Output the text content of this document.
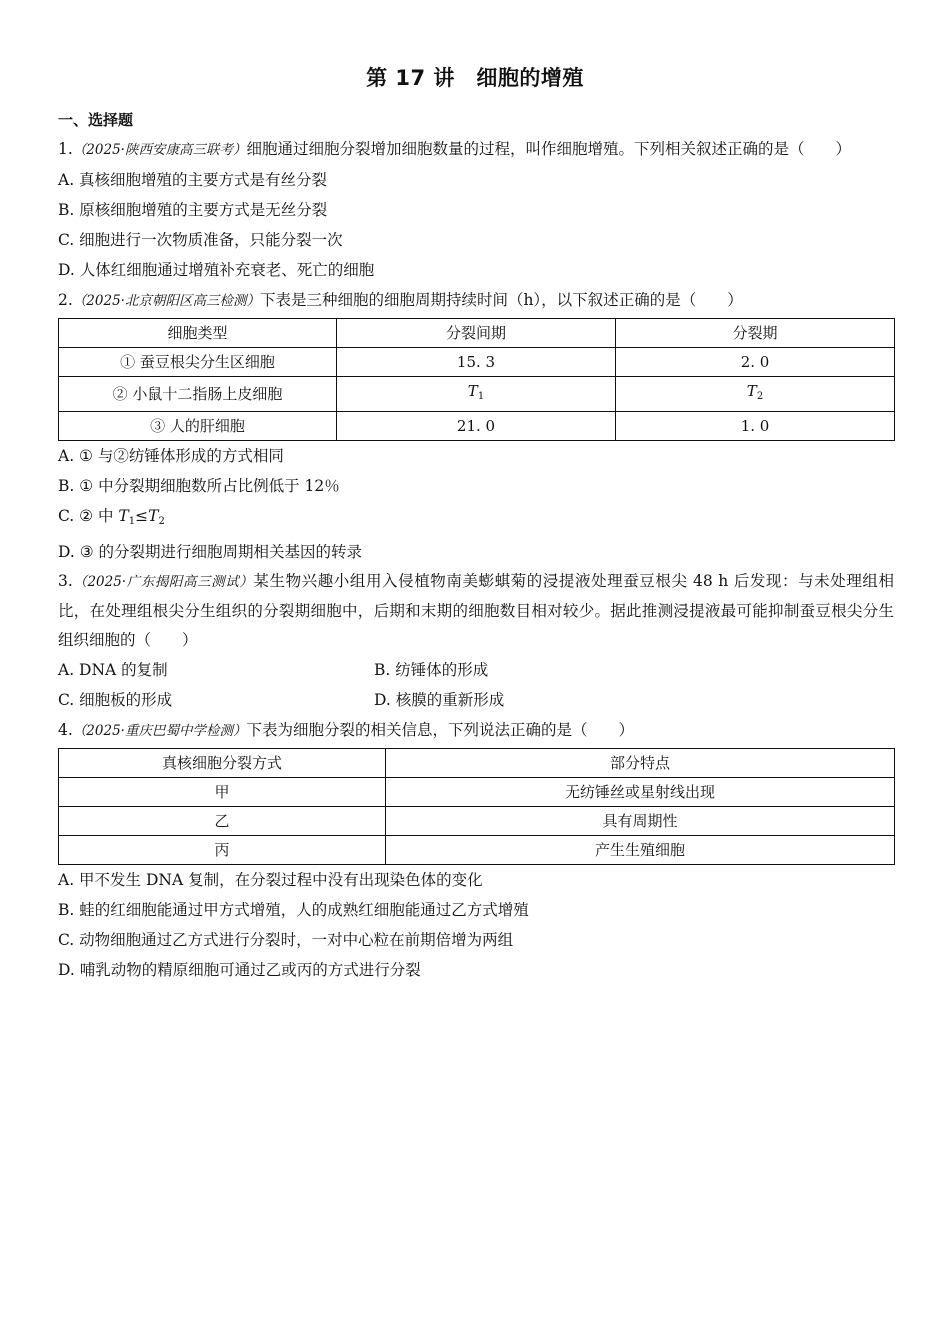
第 17 讲　细胞的增殖
一、选择题
1.（2025·陕西安康高三联考）细胞通过细胞分裂增加细胞数量的过程，叫作细胞增殖。下列相关叙述正确的是（　　）
A. 真核细胞增殖的主要方式是有丝分裂
B. 原核细胞增殖的主要方式是无丝分裂
C. 细胞进行一次物质准备，只能分裂一次
D. 人体红细胞通过增殖补充衰老、死亡的细胞
2.（2025·北京朝阳区高三检测）下表是三种细胞的细胞周期持续时间（h），以下叙述正确的是（　　）
细胞类型	分裂间期	分裂期
① 蚕豆根尖分生区细胞	15. 3	2. 0
② 小鼠十二指肠上皮细胞	$T_1$	$T_2$
③ 人的肝细胞	21. 0	1. 0
A. ① 与②纺锤体形成的方式相同
B. ① 中分裂期细胞数所占比例低于 12％
C. ② 中 $T_1\le T_2$
D. ③ 的分裂期进行细胞周期相关基因的转录
3.（2025·广东揭阳高三测试）某生物兴趣小组用入侵植物南美蟛蜞菊的浸提液处理蚕豆根尖 48 h 后发现：与未处理组相比，在处理组根尖分生组织的分裂期细胞中，后期和末期的细胞数目相对较少。据此推测浸提液最可能抑制蚕豆根尖分生组织细胞的（　　）
A. DNA 的复制	B. 纺锤体的形成
C. 细胞板的形成	D. 核膜的重新形成
4.（2025·重庆巴蜀中学检测）下表为细胞分裂的相关信息，下列说法正确的是（　　）
真核细胞分裂方式	部分特点
甲	无纺锤丝或星射线出现
乙	具有周期性
丙	产生生殖细胞
A. 甲不发生 DNA 复制，在分裂过程中没有出现染色体的变化
B. 蛙的红细胞能通过甲方式增殖，人的成熟红细胞能通过乙方式增殖
C. 动物细胞通过乙方式进行分裂时，一对中心粒在前期倍增为两组
D. 哺乳动物的精原细胞可通过乙或丙的方式进行分裂
